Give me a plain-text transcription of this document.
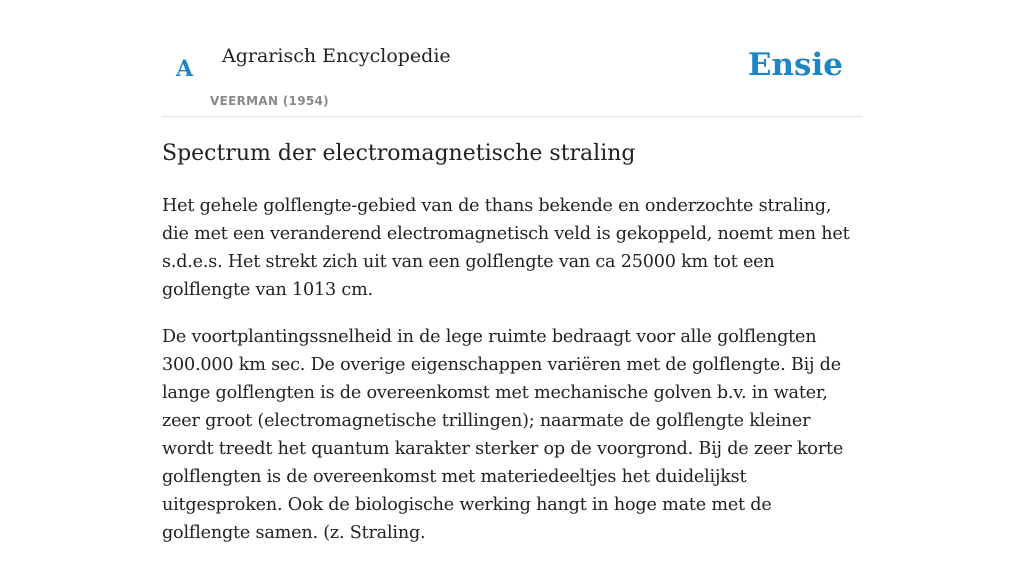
A Agrarisch Encyclopedie
VEERMAN (1954)
Ensie
Spectrum der electromagnetische straling

Het gehele golflengte-gebied van de thans bekende en onderzochte straling, die met een veranderend electromagnetisch veld is gekoppeld, noemt men het s.d.e.s. Het strekt zich uit van een golflengte van ca 25000 km tot een golflengte van 1013 cm.

De voortplantingssnelheid in de lege ruimte bedraagt voor alle golflengten 300.000 km sec. De overige eigenschappen variëren met de golflengte. Bij de lange golflengten is de overeenkomst met mechanische golven b.v. in water, zeer groot (electromagnetische trillingen); naarmate de golflengte kleiner wordt treedt het quantum karakter sterker op de voorgrond. Bij de zeer korte golflengten is de overeenkomst met materiedeeltjes het duidelijkst uitgesproken. Ook de biologische werking hangt in hoge mate met de golflengte samen. (z. Straling.
